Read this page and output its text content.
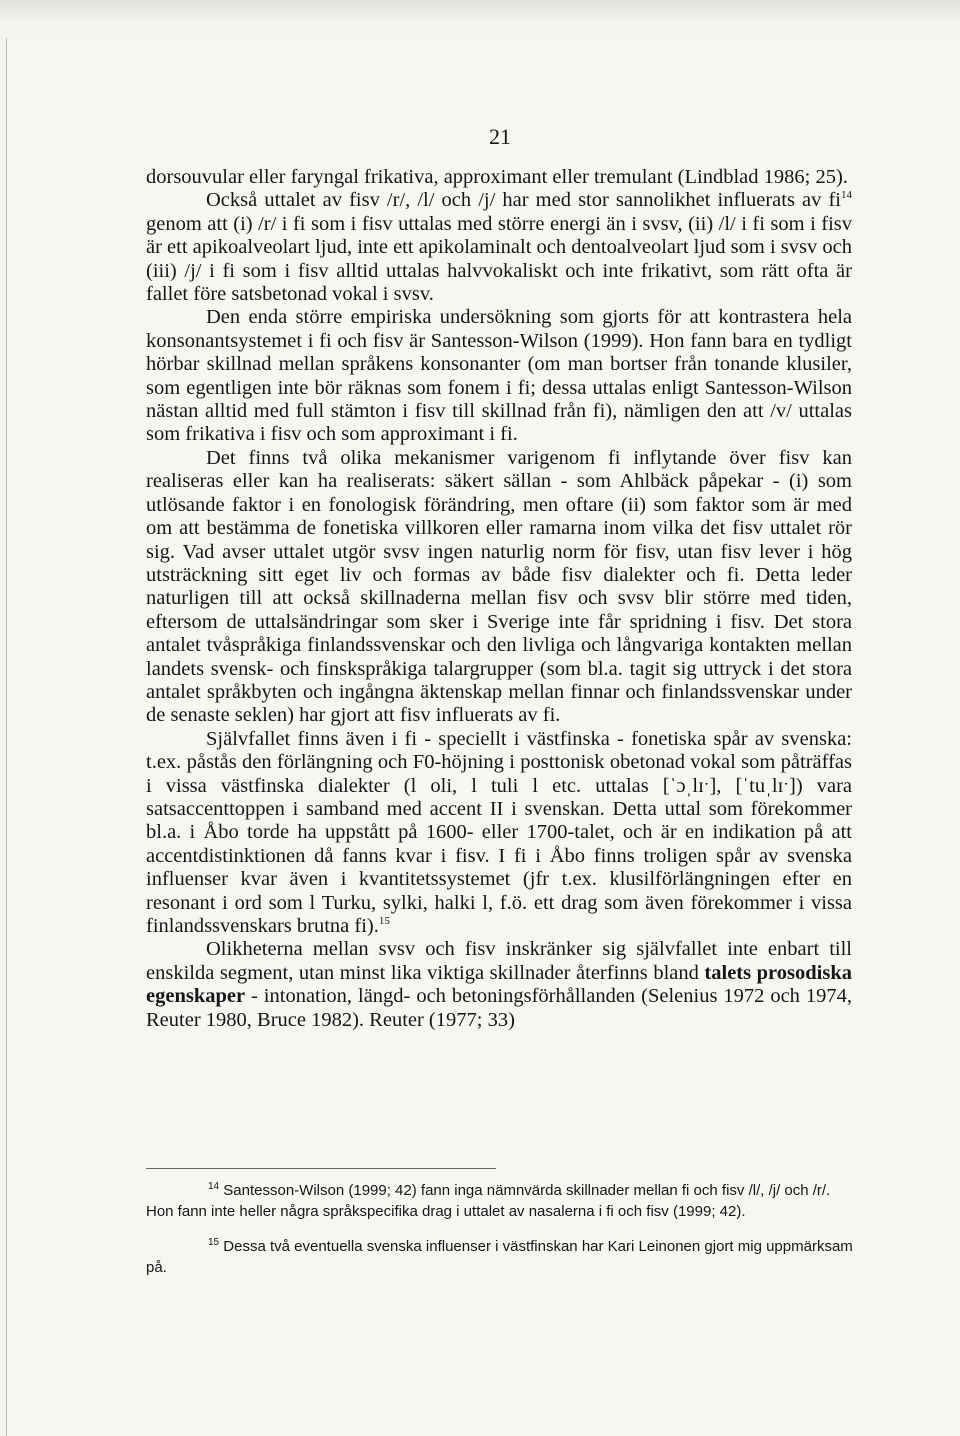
21

dorsouvular eller faryngal frikativa, approximant eller tremulant (Lindblad 1986; 25).

Också uttalet av fisv /r/, /l/ och /j/ har med stor sannolikhet influerats av $fi^{14}$ genom att (i) /r/ i fi som i fisv uttalas med större energi än i svsv, (ii) /l/ i fi som i fisv är ett apikoalveolart ljud, inte ett apikolaminalt och dentoalveolart ljud som i svsv och (iii) /j/ i fi som i fisv alltid uttalas halvvokaliskt och inte frikativt, som rätt ofta är fallet före satsbetonad vokal i svsv.

Den enda större empiriska undersökning som gjorts för att kontrastera hela konsonantsystemet i fi och fisv är Santesson-Wilson (1999). Hon fann bara en tydligt hörbar skillnad mellan språkens konsonanter (om man bortser från tonande klusiler, som egentligen inte bör räknas som fonem i fi; dessa uttalas enligt Santesson-Wilson nästan alltid med full stämton i fisv till skillnad från fi), nämligen den att /v/ uttalas som frikativa i fisv och som approximant i fi.

Det finns två olika mekanismer varigenom fi inflytande över fisv kan realiseras eller kan ha realiserats: säkert sällan - som Ahlbäck påpekar - (i) som utlösande faktor i en fonologisk förändring, men oftare (ii) som faktor som är med om att bestämma de fonetiska villkoren eller ramarna inom vilka det fisv uttalet rör sig. Vad avser uttalet utgör svsv ingen naturlig norm för fisv, utan fisv lever i hög utsträckning sitt eget liv och formas av både fisv dialekter och fi. Detta leder naturligen till att också skillnaderna mellan fisv och svsv blir större med tiden, eftersom de uttalsändringar som sker i Sverige inte får spridning i fisv. Det stora antalet tvåspråkiga finlandssvenskar och den livliga och långvariga kontakten mellan landets svensk- och finskspråkiga talargrupper (som bl.a. tagit sig uttryck i det stora antalet språkbyten och ingångna äktenskap mellan finnar och finlandssvenskar under de senaste seklen) har gjort att fisv influerats av fi.

Självfallet finns även i fi - speciellt i västfinska - fonetiska spår av svenska: t.ex. påstås den förlängning och F0-höjning i posttonisk obetonad vokal som påträffas i vissa västfinska dialekter (l oli, l tuli l etc. uttalas [ˈɔˌlɪˑ], [ˈtuˌlɪˑ]) vara satsaccenttoppen i samband med accent II i svenskan. Detta uttal som förekommer bl.a. i Åbo torde ha uppstått på 1600- eller 1700-talet, och är en indikation på att accentdistinktionen då fanns kvar i fisv. I fi i Åbo finns troligen spår av svenska influenser kvar även i kvantitetssystemet (jfr t.ex. klusilförlängningen efter en resonant i ord som l Turku, sylki, halki l, f.ö. ett drag som även förekommer i vissa finlandssvenskars brutna fi).$^{15}$

Olikheterna mellan svsv och fisv inskränker sig självfallet inte enbart till enskilda segment, utan minst lika viktiga skillnader återfinns bland talets prosodiska egenskaper - intonation, längd- och betoningsförhållanden (Selenius 1972 och 1974, Reuter 1980, Bruce 1982). Reuter (1977; 33)

$^{14}$ Santesson-Wilson (1999; 42) fann inga nämnvärda skillnader mellan fi och fisv /l/, /j/ och /r/. Hon fann inte heller några språkspecifika drag i uttalet av nasalerna i fi och fisv (1999; 42).

$^{15}$ Dessa två eventuella svenska influenser i västfinskan har Kari Leinonen gjort mig uppmärksam på.
